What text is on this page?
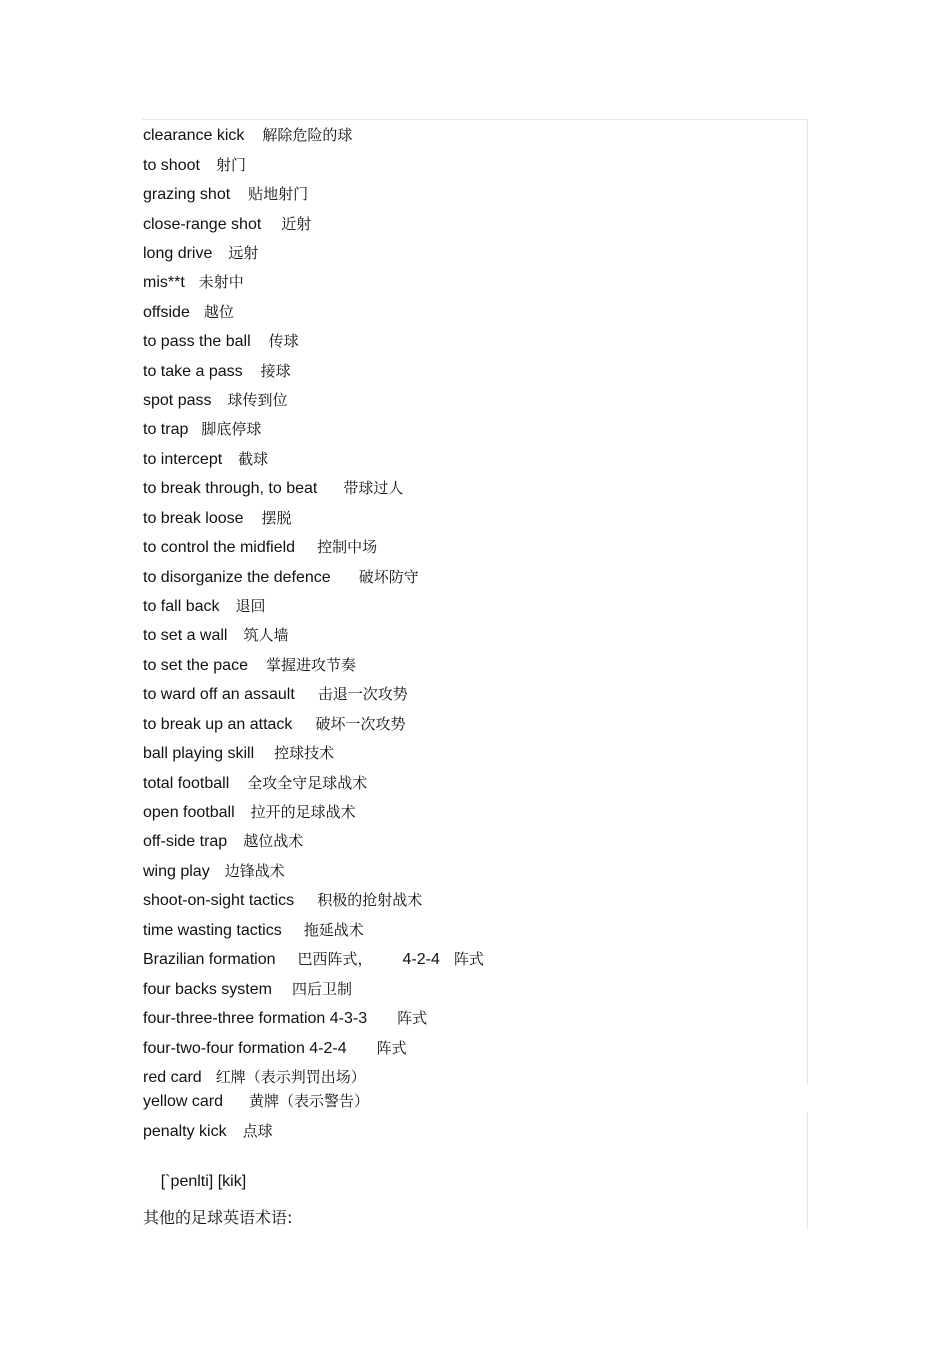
clearance kick 解除危险的球
to shoot 射门
grazing shot 贴地射门
close-range shot 近射
long drive 远射
mis**t 未射中
offside 越位
to pass the ball 传球
to take a pass 接球
spot pass 球传到位
to trap 脚底停球
to intercept 截球
to break through, to beat 带球过人
to break loose 摆脱
to control the midfield 控制中场
to disorganize the defence 破坏防守
to fall back 退回
to set a wall 筑人墙
to set the pace 掌握进攻节奏
to ward off an assault 击退一次攻势
to break up an attack 破坏一次攻势
ball playing skill 控球技术
total football 全攻全守足球战术
open football 拉开的足球战术
off-side trap 越位战术
wing play 边锋战术
shoot-on-sight tactics 积极的抢射战术
time wasting tactics 拖延战术
Brazilian formation 巴西阵式， 4-2-4 阵式
four backs system 四后卫制
four-three-three formation 4-3-3 阵式
four-two-four formation 4-2-4 阵式
red card 红牌（表示判罚出场）
yellow card 黄牌（表示警告）
penalty kick 点球

[`penlti] [kik]

其他的足球英语术语:
